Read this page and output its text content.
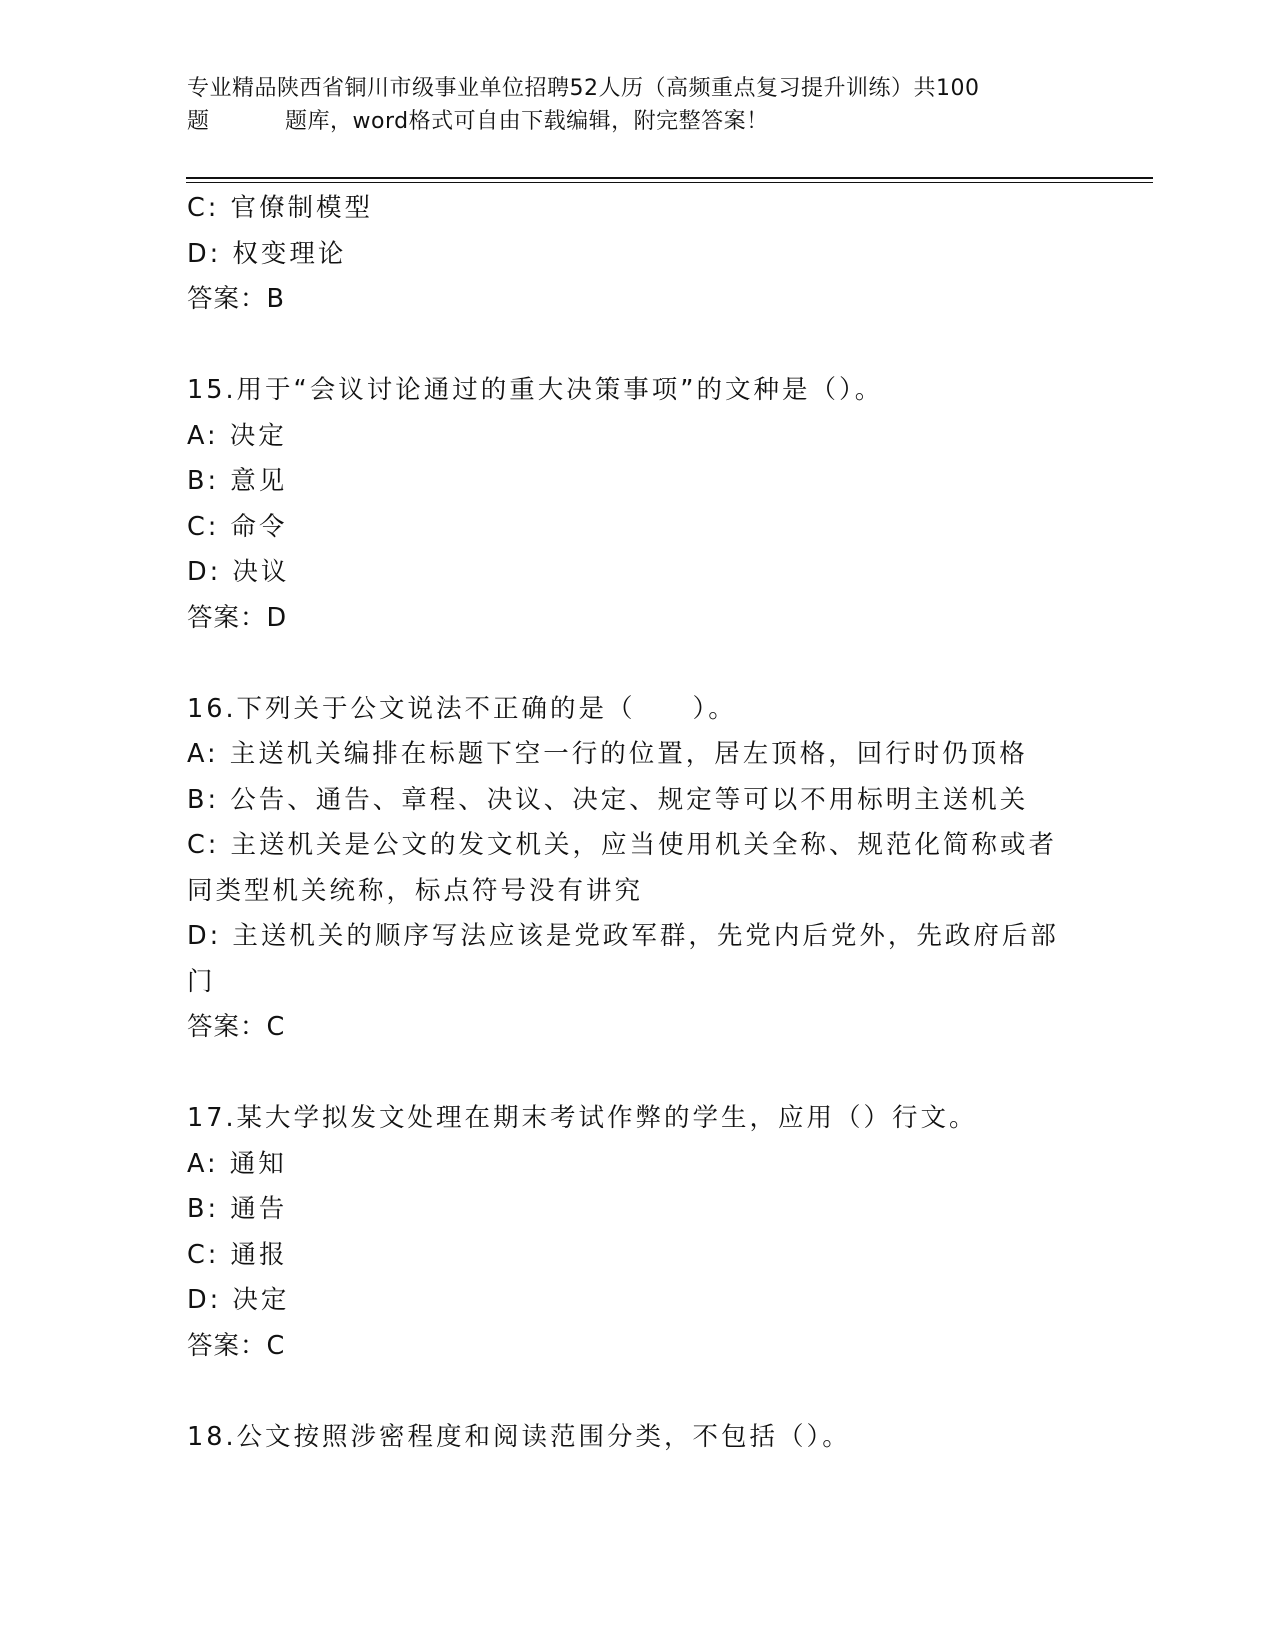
专业精品陕西省铜川市级事业单位招聘52人历（高频重点复习提升训练）共100
题	题库，word格式可自由下载编辑，附完整答案！
C: 官僚制模型
D: 权变理论
答案：B
15.用于“会议讨论通过的重大决策事项”的文种是（）。
A: 决定
B: 意见
C: 命令
D: 决议
答案：D
16.下列关于公文说法不正确的是（　　）。
A: 主送机关编排在标题下空一行的位置，居左顶格，回行时仍顶格
B: 公告、通告、章程、决议、决定、规定等可以不用标明主送机关
C: 主送机关是公文的发文机关，应当使用机关全称、规范化简称或者
同类型机关统称，标点符号没有讲究
D: 主送机关的顺序写法应该是党政军群，先党内后党外，先政府后部
门
答案：C
17.某大学拟发文处理在期末考试作弊的学生，应用（）行文。
A: 通知
B: 通告
C: 通报
D: 决定
答案：C
18.公文按照涉密程度和阅读范围分类，不包括（）。
